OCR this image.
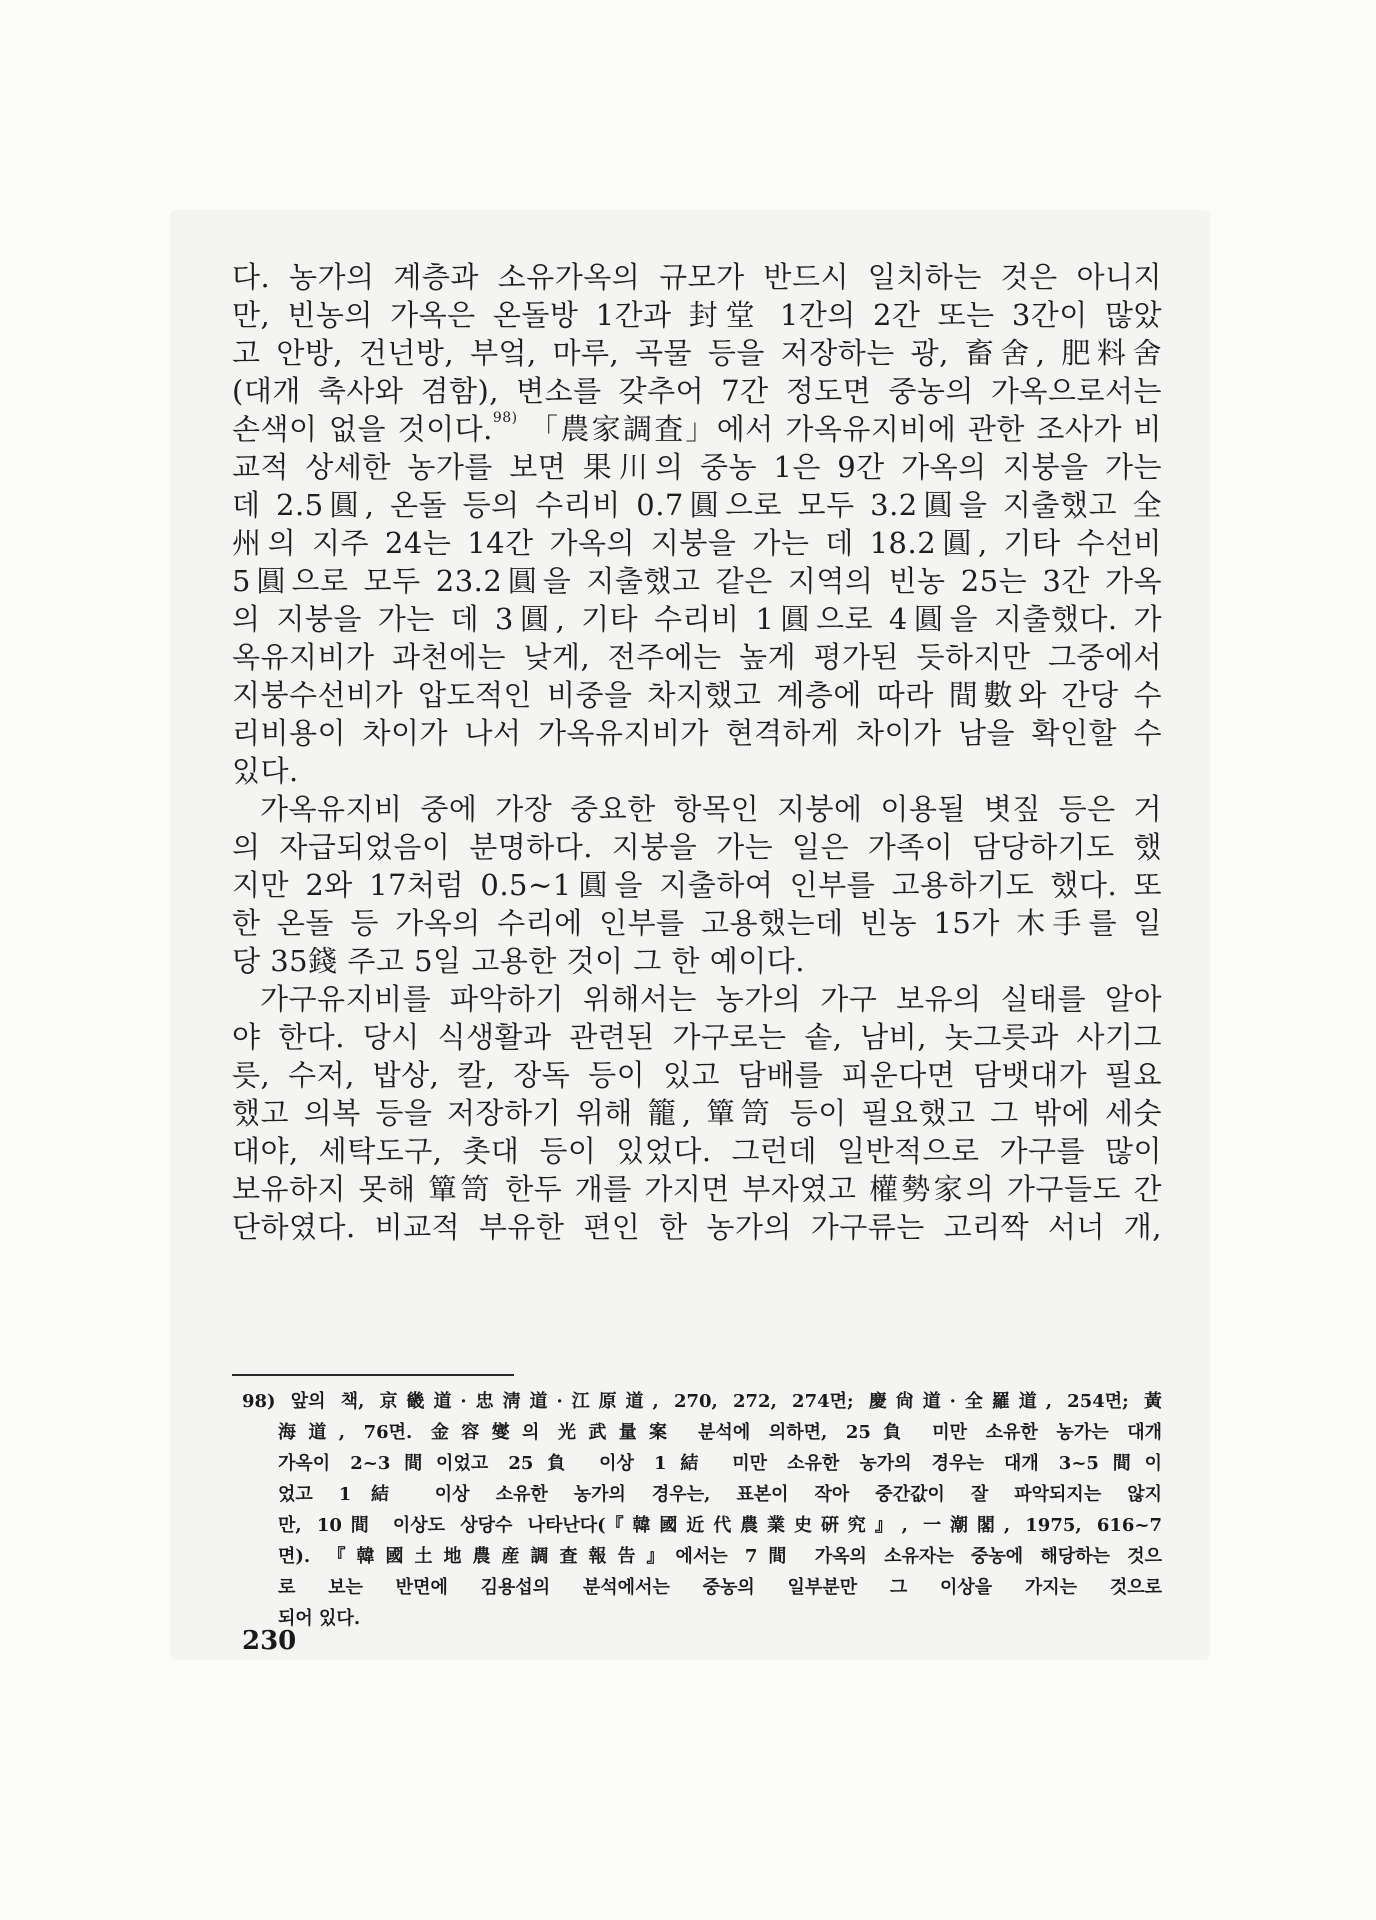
다. 농가의 계층과 소유가옥의 규모가 반드시 일치하는 것은 아니지
만, 빈농의 가옥은 온돌방 1간과 封堂 1간의 2간 또는 3간이 많았
고 안방, 건넌방, 부엌, 마루, 곡물 등을 저장하는 광, 畜舍, 肥料舍
(대개 축사와 겸함), 변소를 갖추어 7간 정도면 중농의 가옥으로서는
손색이 없을 것이다.$^{98)}$ 「農家調査」에서 가옥유지비에 관한 조사가 비
교적 상세한 농가를 보면 果川의 중농 1은 9간 가옥의 지붕을 가는
데 2.5圓, 온돌 등의 수리비 0.7圓으로 모두 3.2圓을 지출했고 全
州의 지주 24는 14간 가옥의 지붕을 가는 데 18.2圓, 기타 수선비
5圓으로 모두 23.2圓을 지출했고 같은 지역의 빈농 25는 3간 가옥
의 지붕을 가는 데 3圓, 기타 수리비 1圓으로 4圓을 지출했다. 가
옥유지비가 과천에는 낮게, 전주에는 높게 평가된 듯하지만 그중에서
지붕수선비가 압도적인 비중을 차지했고 계층에 따라 間數와 간당 수
리비용이 차이가 나서 가옥유지비가 현격하게 차이가 남을 확인할 수
있다.
가옥유지비 중에 가장 중요한 항목인 지붕에 이용될 볏짚 등은 거
의 자급되었음이 분명하다. 지붕을 가는 일은 가족이 담당하기도 했
지만 2와 17처럼 0.5~1圓을 지출하여 인부를 고용하기도 했다. 또
한 온돌 등 가옥의 수리에 인부를 고용했는데 빈농 15가 木手를 일
당 35錢 주고 5일 고용한 것이 그 한 예이다.
가구유지비를 파악하기 위해서는 농가의 가구 보유의 실태를 알아
야 한다. 당시 식생활과 관련된 가구로는 솥, 남비, 놋그릇과 사기그
릇, 수저, 밥상, 칼, 장독 등이 있고 담배를 피운다면 담뱃대가 필요
했고 의복 등을 저장하기 위해 籠, 簞笥 등이 필요했고 그 밖에 세숫
대야, 세탁도구, 촛대 등이 있었다. 그런데 일반적으로 가구를 많이
보유하지 못해 簞笥 한두 개를 가지면 부자였고 權勢家의 가구들도 간
단하였다. 비교적 부유한 편인 한 농가의 가구류는 고리짝 서너 개,
98) 앞의 책, 京畿道·忠淸道·江原道, 270, 272, 274면; 慶尙道·全羅道, 254면; 黃
海道, 76면. 金容燮의 光武量案 분석에 의하면, 25負 미만 소유한 농가는 대개
가옥이 2~3間이었고 25負 이상 1結 미만 소유한 농가의 경우는 대개 3~5間이
었고 1結 이상 소유한 농가의 경우는, 표본이 작아 중간값이 잘 파악되지는 않지
만, 10間 이상도 상당수 나타난다(『韓國近代農業史硏究』, 一潮閣, 1975, 616~7
면). 『韓國土地農産調査報告』에서는 7間 가옥의 소유자는 중농에 해당하는 것으
로 보는 반면에 김용섭의 분석에서는 중농의 일부분만 그 이상을 가지는 것으로
되어 있다.
230
